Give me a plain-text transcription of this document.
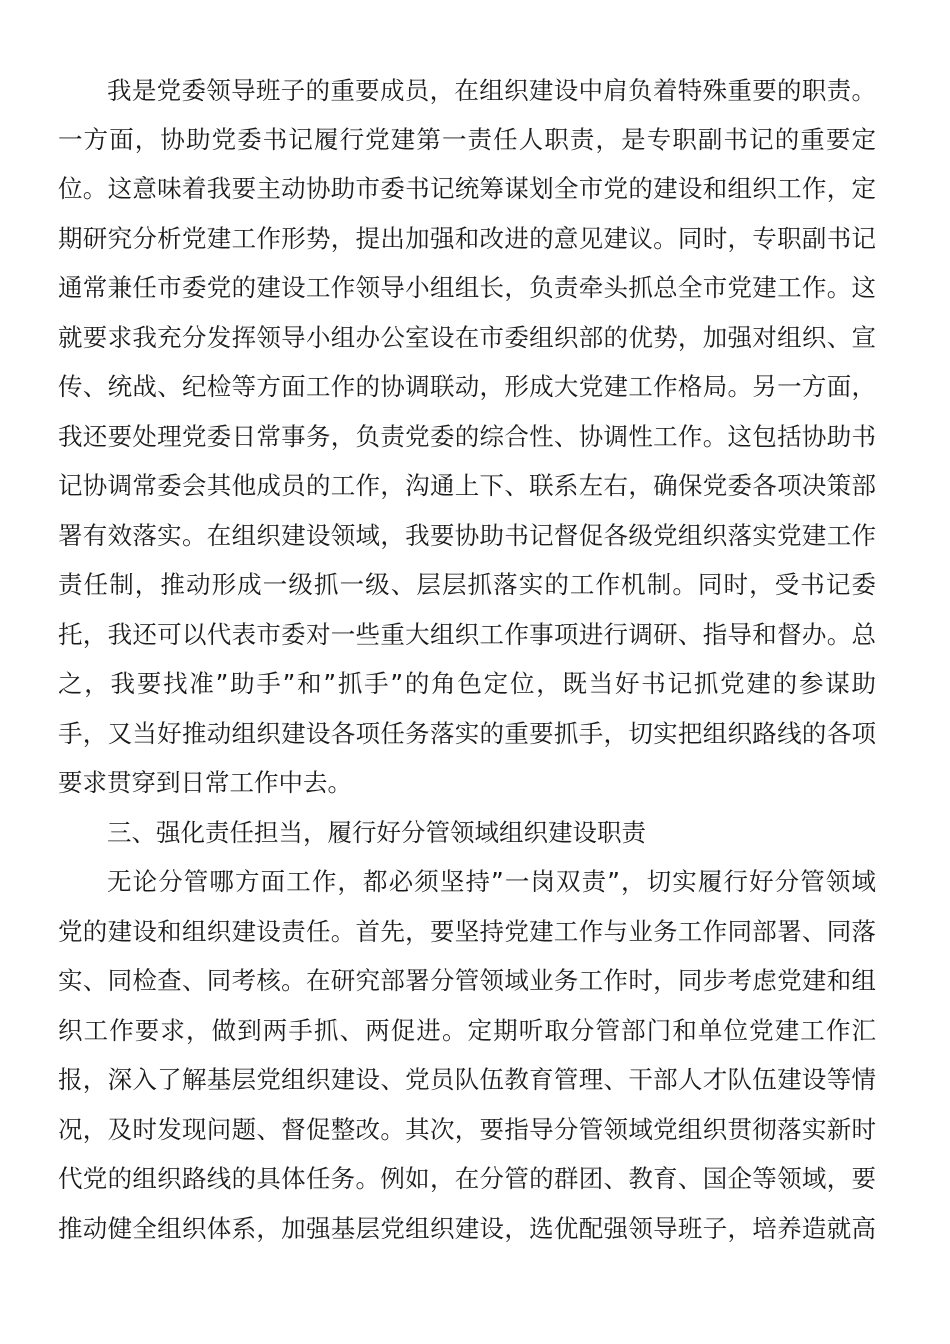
我是党委领导班子的重要成员，在组织建设中肩负着特殊重要的职责。
一方面，协助党委书记履行党建第一责任人职责，是专职副书记的重要定
位。这意味着我要主动协助市委书记统筹谋划全市党的建设和组织工作，定
期研究分析党建工作形势，提出加强和改进的意见建议。同时，专职副书记
通常兼任市委党的建设工作领导小组组长，负责牵头抓总全市党建工作。这
就要求我充分发挥领导小组办公室设在市委组织部的优势，加强对组织、宣
传、统战、纪检等方面工作的协调联动，形成大党建工作格局。另一方面，
我还要处理党委日常事务，负责党委的综合性、协调性工作。这包括协助书
记协调常委会其他成员的工作，沟通上下、联系左右，确保党委各项决策部
署有效落实。在组织建设领域，我要协助书记督促各级党组织落实党建工作
责任制，推动形成一级抓一级、层层抓落实的工作机制。同时，受书记委
托，我还可以代表市委对一些重大组织工作事项进行调研、指导和督办。总
之，我要找准”助手”和”抓手”的角色定位，既当好书记抓党建的参谋助
手，又当好推动组织建设各项任务落实的重要抓手，切实把组织路线的各项
要求贯穿到日常工作中去。
三、强化责任担当，履行好分管领域组织建设职责
无论分管哪方面工作，都必须坚持”一岗双责”，切实履行好分管领域
党的建设和组织建设责任。首先，要坚持党建工作与业务工作同部署、同落
实、同检查、同考核。在研究部署分管领域业务工作时，同步考虑党建和组
织工作要求，做到两手抓、两促进。定期听取分管部门和单位党建工作汇
报，深入了解基层党组织建设、党员队伍教育管理、干部人才队伍建设等情
况，及时发现问题、督促整改。其次，要指导分管领域党组织贯彻落实新时
代党的组织路线的具体任务。例如，在分管的群团、教育、国企等领域，要
推动健全组织体系，加强基层党组织建设，选优配强领导班子，培养造就高
